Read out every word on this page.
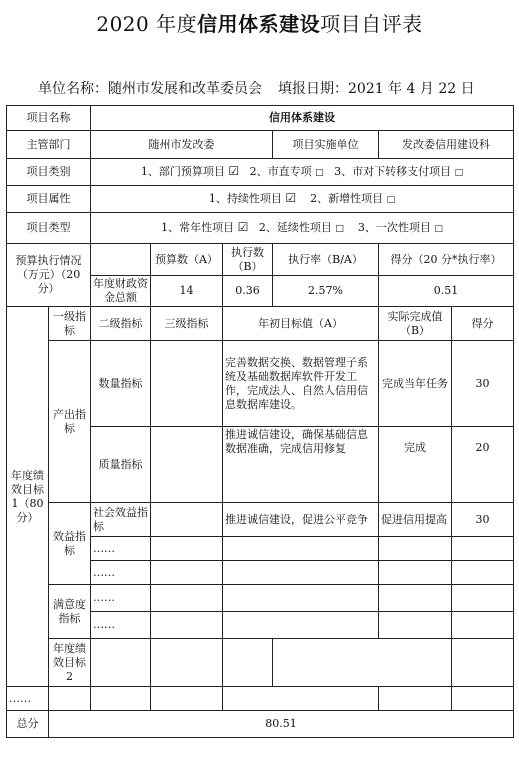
2020 年度信用体系建设项目自评表
单位名称：随州市发展和改革委员会 填报日期：2021 年 4 月 22 日
项目名称		信用体系建设						
主管部门		随州市发改委			项目实施单位	发改委信用建设科		
项目类别		1、部门预算项目 ☑ 2、市直专项 □ 3、市对下转移支付项目 □						
项目属性		1、持续性项目 ☑ 2、新增性项目 □						
项目类型		1、常年性项目 ☑ 2、延续性项目 □ 3、一次性项目 □						
预算执行情况（万元）（20 分）			预算数（A）	执行数（B）	执行率（B/A）	得分（20 分*执行率）		
		年度财政资金总额	14	0.36	2.57%	0.51		
年度绩效目标 1（80分）	一级指标	二级指标	三级指标	年初目标值（A）		实际完成值（B）	得分	
	产出指标	数量指标		完善数据交换、数据管理子系统及基础数据库软件开发工作，完成法人、自然人信用信息数据库建设。		完成当年任务	30	
		质量指标		推进诚信建设，确保基础信息数据准确，完成信用修复		完成	20	
	效益指标	社会效益指标		推进诚信建设，促进公平竞争		促进信用提高	30	
		……						
		……						
	满意度指标	……						
		……						
	年度绩效目标 2							
……								
总分	80.51							
